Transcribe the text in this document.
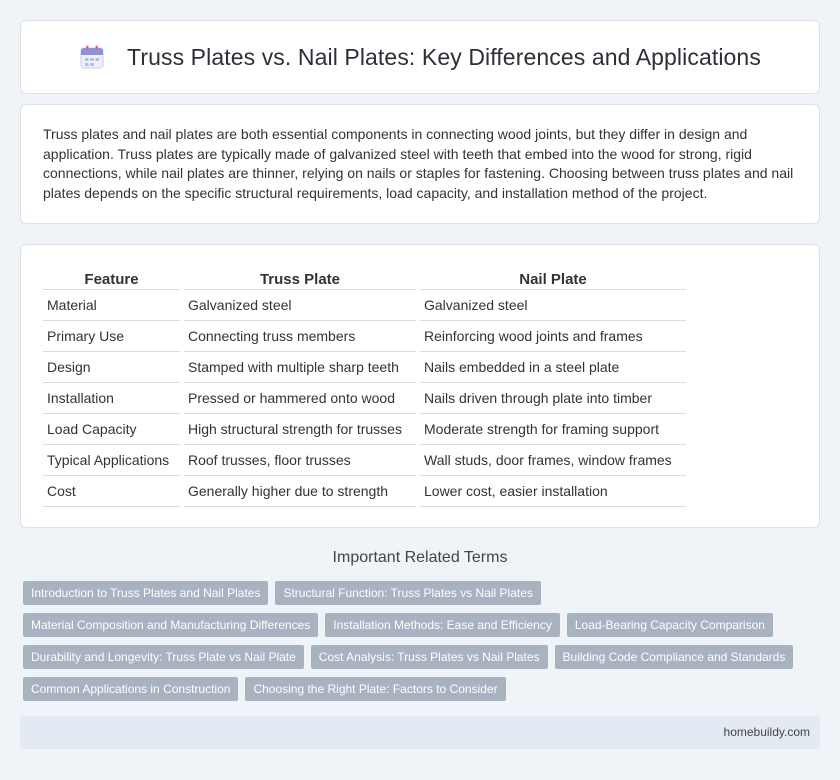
Truss Plates vs. Nail Plates: Key Differences and Applications

Truss plates and nail plates are both essential components in connecting wood joints, but they differ in design and application. Truss plates are typically made of galvanized steel with teeth that embed into the wood for strong, rigid connections, while nail plates are thinner, relying on nails or staples for fastening. Choosing between truss plates and nail plates depends on the specific structural requirements, load capacity, and installation method of the project.

Feature	Truss Plate	Nail Plate
Material	Galvanized steel	Galvanized steel
Primary Use	Connecting truss members	Reinforcing wood joints and frames
Design	Stamped with multiple sharp teeth	Nails embedded in a steel plate
Installation	Pressed or hammered onto wood	Nails driven through plate into timber
Load Capacity	High structural strength for trusses	Moderate strength for framing support
Typical Applications	Roof trusses, floor trusses	Wall studs, door frames, window frames
Cost	Generally higher due to strength	Lower cost, easier installation
Important Related Terms
Introduction to Truss Plates and Nail Plates	Structural Function: Truss Plates vs Nail Plates
Material Composition and Manufacturing Differences	Installation Methods: Ease and Efficiency	Load-Bearing Capacity Comparison
Durability and Longevity: Truss Plate vs Nail Plate	Cost Analysis: Truss Plates vs Nail Plates	Building Code Compliance and Standards
Common Applications in Construction	Choosing the Right Plate: Factors to Consider
homebuildy.com
